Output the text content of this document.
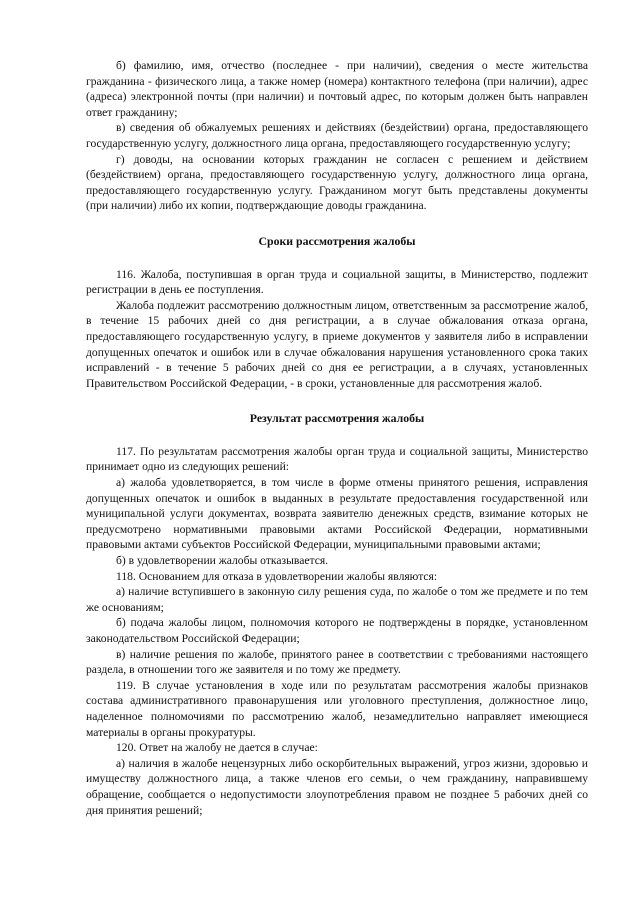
б) фамилию, имя, отчество (последнее - при наличии), сведения о месте жительства гражданина - физического лица, а также номер (номера) контактного телефона (при наличии), адрес (адреса) электронной почты (при наличии) и почтовый адрес, по которым должен быть направлен ответ гражданину;

в) сведения об обжалуемых решениях и действиях (бездействии) органа, предоставляющего государственную услугу, должностного лица органа, предоставляющего государственную услугу;

г) доводы, на основании которых гражданин не согласен с решением и действием (бездействием) органа, предоставляющего государственную услугу, должностного лица органа, предоставляющего государственную услугу. Гражданином могут быть представлены документы (при наличии) либо их копии, подтверждающие доводы гражданина.

Сроки рассмотрения жалобы

116. Жалоба, поступившая в орган труда и социальной защиты, в Министерство, подлежит регистрации в день ее поступления.

Жалоба подлежит рассмотрению должностным лицом, ответственным за рассмотрение жалоб, в течение 15 рабочих дней со дня регистрации, а в случае обжалования отказа органа, предоставляющего государственную услугу, в приеме документов у заявителя либо в исправлении допущенных опечаток и ошибок или в случае обжалования нарушения установленного срока таких исправлений - в течение 5 рабочих дней со дня ее регистрации, а в случаях, установленных Правительством Российской Федерации, - в сроки, установленные для рассмотрения жалоб.

Результат рассмотрения жалобы

117. По результатам рассмотрения жалобы орган труда и социальной защиты, Министерство принимает одно из следующих решений:

а) жалоба удовлетворяется, в том числе в форме отмены принятого решения, исправления допущенных опечаток и ошибок в выданных в результате предоставления государственной или муниципальной услуги документах, возврата заявителю денежных средств, взимание которых не предусмотрено нормативными правовыми актами Российской Федерации, нормативными правовыми актами субъектов Российской Федерации, муниципальными правовыми актами;

б) в удовлетворении жалобы отказывается.

118. Основанием для отказа в удовлетворении жалобы являются:

а) наличие вступившего в законную силу решения суда, по жалобе о том же предмете и по тем же основаниям;

б) подача жалобы лицом, полномочия которого не подтверждены в порядке, установленном законодательством Российской Федерации;

в) наличие решения по жалобе, принятого ранее в соответствии с требованиями настоящего раздела, в отношении того же заявителя и по тому же предмету.

119. В случае установления в ходе или по результатам рассмотрения жалобы признаков состава административного правонарушения или уголовного преступления, должностное лицо, наделенное полномочиями по рассмотрению жалоб, незамедлительно направляет имеющиеся материалы в органы прокуратуры.

120. Ответ на жалобу не дается в случае:

а) наличия в жалобе нецензурных либо оскорбительных выражений, угроз жизни, здоровью и имуществу должностного лица, а также членов его семьи, о чем гражданину, направившему обращение, сообщается о недопустимости злоупотребления правом не позднее 5 рабочих дней со дня принятия решений;
